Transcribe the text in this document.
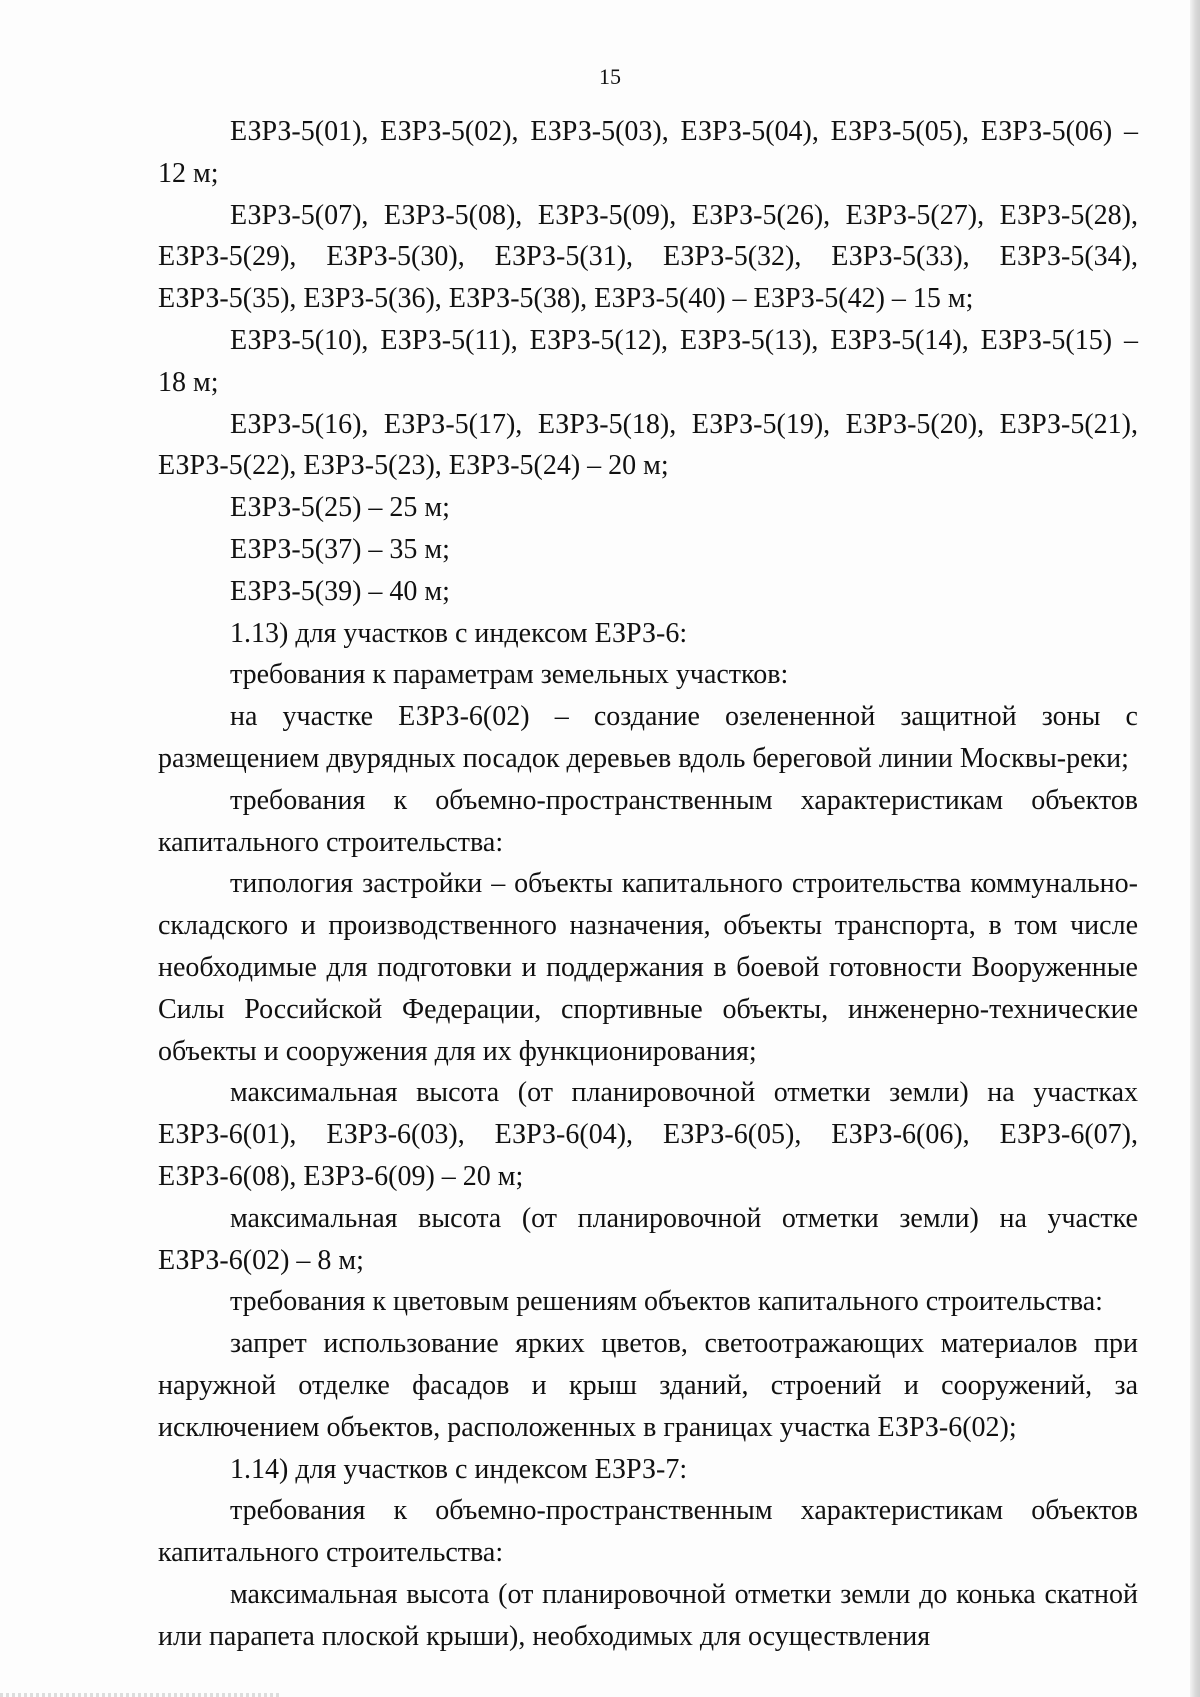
15

ЕЗРЗ-5(01), ЕЗРЗ-5(02), ЕЗРЗ-5(03), ЕЗРЗ-5(04), ЕЗРЗ-5(05), ЕЗРЗ-5(06) – 12 м;

ЕЗРЗ-5(07), ЕЗРЗ-5(08), ЕЗРЗ-5(09), ЕЗРЗ-5(26), ЕЗРЗ-5(27), ЕЗРЗ-5(28), ЕЗРЗ-5(29), ЕЗРЗ-5(30), ЕЗРЗ-5(31), ЕЗРЗ-5(32), ЕЗРЗ-5(33), ЕЗРЗ-5(34), ЕЗРЗ-5(35), ЕЗРЗ-5(36), ЕЗРЗ-5(38), ЕЗРЗ-5(40) – ЕЗРЗ-5(42) – 15 м;

ЕЗРЗ-5(10), ЕЗРЗ-5(11), ЕЗРЗ-5(12), ЕЗРЗ-5(13), ЕЗРЗ-5(14), ЕЗРЗ-5(15) – 18 м;

ЕЗРЗ-5(16), ЕЗРЗ-5(17), ЕЗРЗ-5(18), ЕЗРЗ-5(19), ЕЗРЗ-5(20), ЕЗРЗ-5(21), ЕЗРЗ-5(22), ЕЗРЗ-5(23), ЕЗРЗ-5(24) – 20 м;

ЕЗРЗ-5(25) – 25 м;

ЕЗРЗ-5(37) – 35 м;

ЕЗРЗ-5(39) – 40 м;

1.13) для участков с индексом ЕЗРЗ-6:

требования к параметрам земельных участков:

на участке ЕЗРЗ-6(02) – создание озелененной защитной зоны с размещением двурядных посадок деревьев вдоль береговой линии Москвы-реки;

требования к объемно-пространственным характеристикам объектов капитального строительства:

типология застройки – объекты капитального строительства коммунально-складского и производственного назначения, объекты транспорта, в том числе необходимые для подготовки и поддержания в боевой готовности Вооруженные Силы Российской Федерации, спортивные объекты, инженерно-технические объекты и сооружения для их функционирования;

максимальная высота (от планировочной отметки земли) на участках ЕЗРЗ-6(01), ЕЗРЗ-6(03), ЕЗРЗ-6(04), ЕЗРЗ-6(05), ЕЗРЗ-6(06), ЕЗРЗ-6(07), ЕЗРЗ-6(08), ЕЗРЗ-6(09) – 20 м;

максимальная высота (от планировочной отметки земли) на участке ЕЗРЗ-6(02) – 8 м;

требования к цветовым решениям объектов капитального строительства:

запрет использование ярких цветов, светоотражающих материалов при наружной отделке фасадов и крыш зданий, строений и сооружений, за исключением объектов, расположенных в границах участка ЕЗРЗ-6(02);

1.14) для участков с индексом ЕЗРЗ-7:

требования к объемно-пространственным характеристикам объектов капитального строительства:

максимальная высота (от планировочной отметки земли до конька скатной или парапета плоской крыши), необходимых для осуществления
